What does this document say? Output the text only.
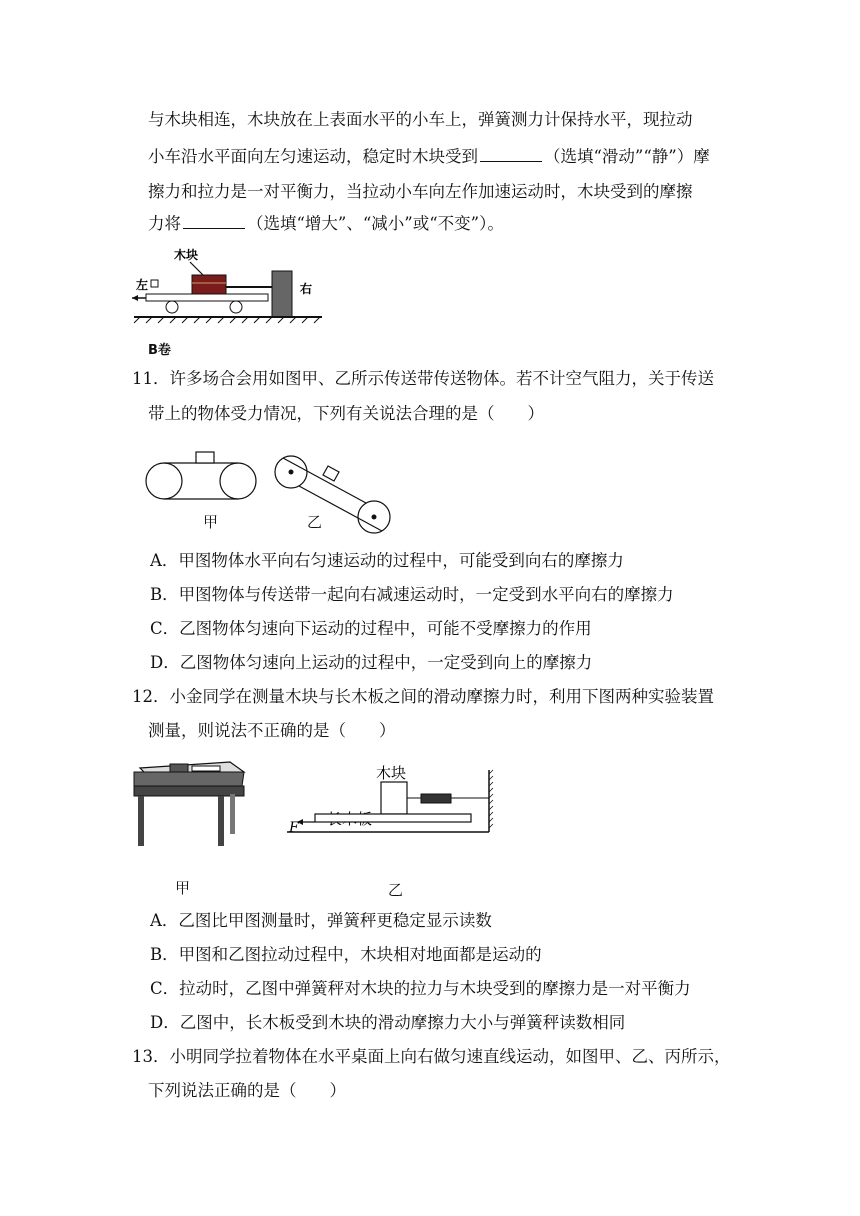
与木块相连，木块放在上表面水平的小车上，弹簧测力计保持水平，现拉动
小车沿水平面向左匀速运动，稳定时木块受到	（选填“滑动”“静”）摩
擦力和拉力是一对平衡力，当拉动小车向左作加速运动时，木块受到的摩擦
力将	（选填“增大”、“减小”或“不变”）。
木块
左	右
B卷
11．许多场合会用如图甲、乙所示传送带传送物体。若不计空气阻力，关于传送
带上的物体受力情况，下列有关说法合理的是（　　）
甲	乙
A．甲图物体水平向右匀速运动的过程中，可能受到向右的摩擦力
B．甲图物体与传送带一起向右减速运动时，一定受到水平向右的摩擦力
C．乙图物体匀速向下运动的过程中，可能不受摩擦力的作用
D．乙图物体匀速向上运动的过程中，一定受到向上的摩擦力
12．小金同学在测量木块与长木板之间的滑动摩擦力时，利用下图两种实验装置
测量，则说法不正确的是（　　）
木块
F
甲	乙
A．乙图比甲图测量时，弹簧秤更稳定显示读数
B．甲图和乙图拉动过程中，木块相对地面都是运动的
C．拉动时，乙图中弹簧秤对木块的拉力与木块受到的摩擦力是一对平衡力
D．乙图中，长木板受到木块的滑动摩擦力大小与弹簧秤读数相同
13．小明同学拉着物体在水平桌面上向右做匀速直线运动，如图甲、乙、丙所示，
下列说法正确的是（　　）
